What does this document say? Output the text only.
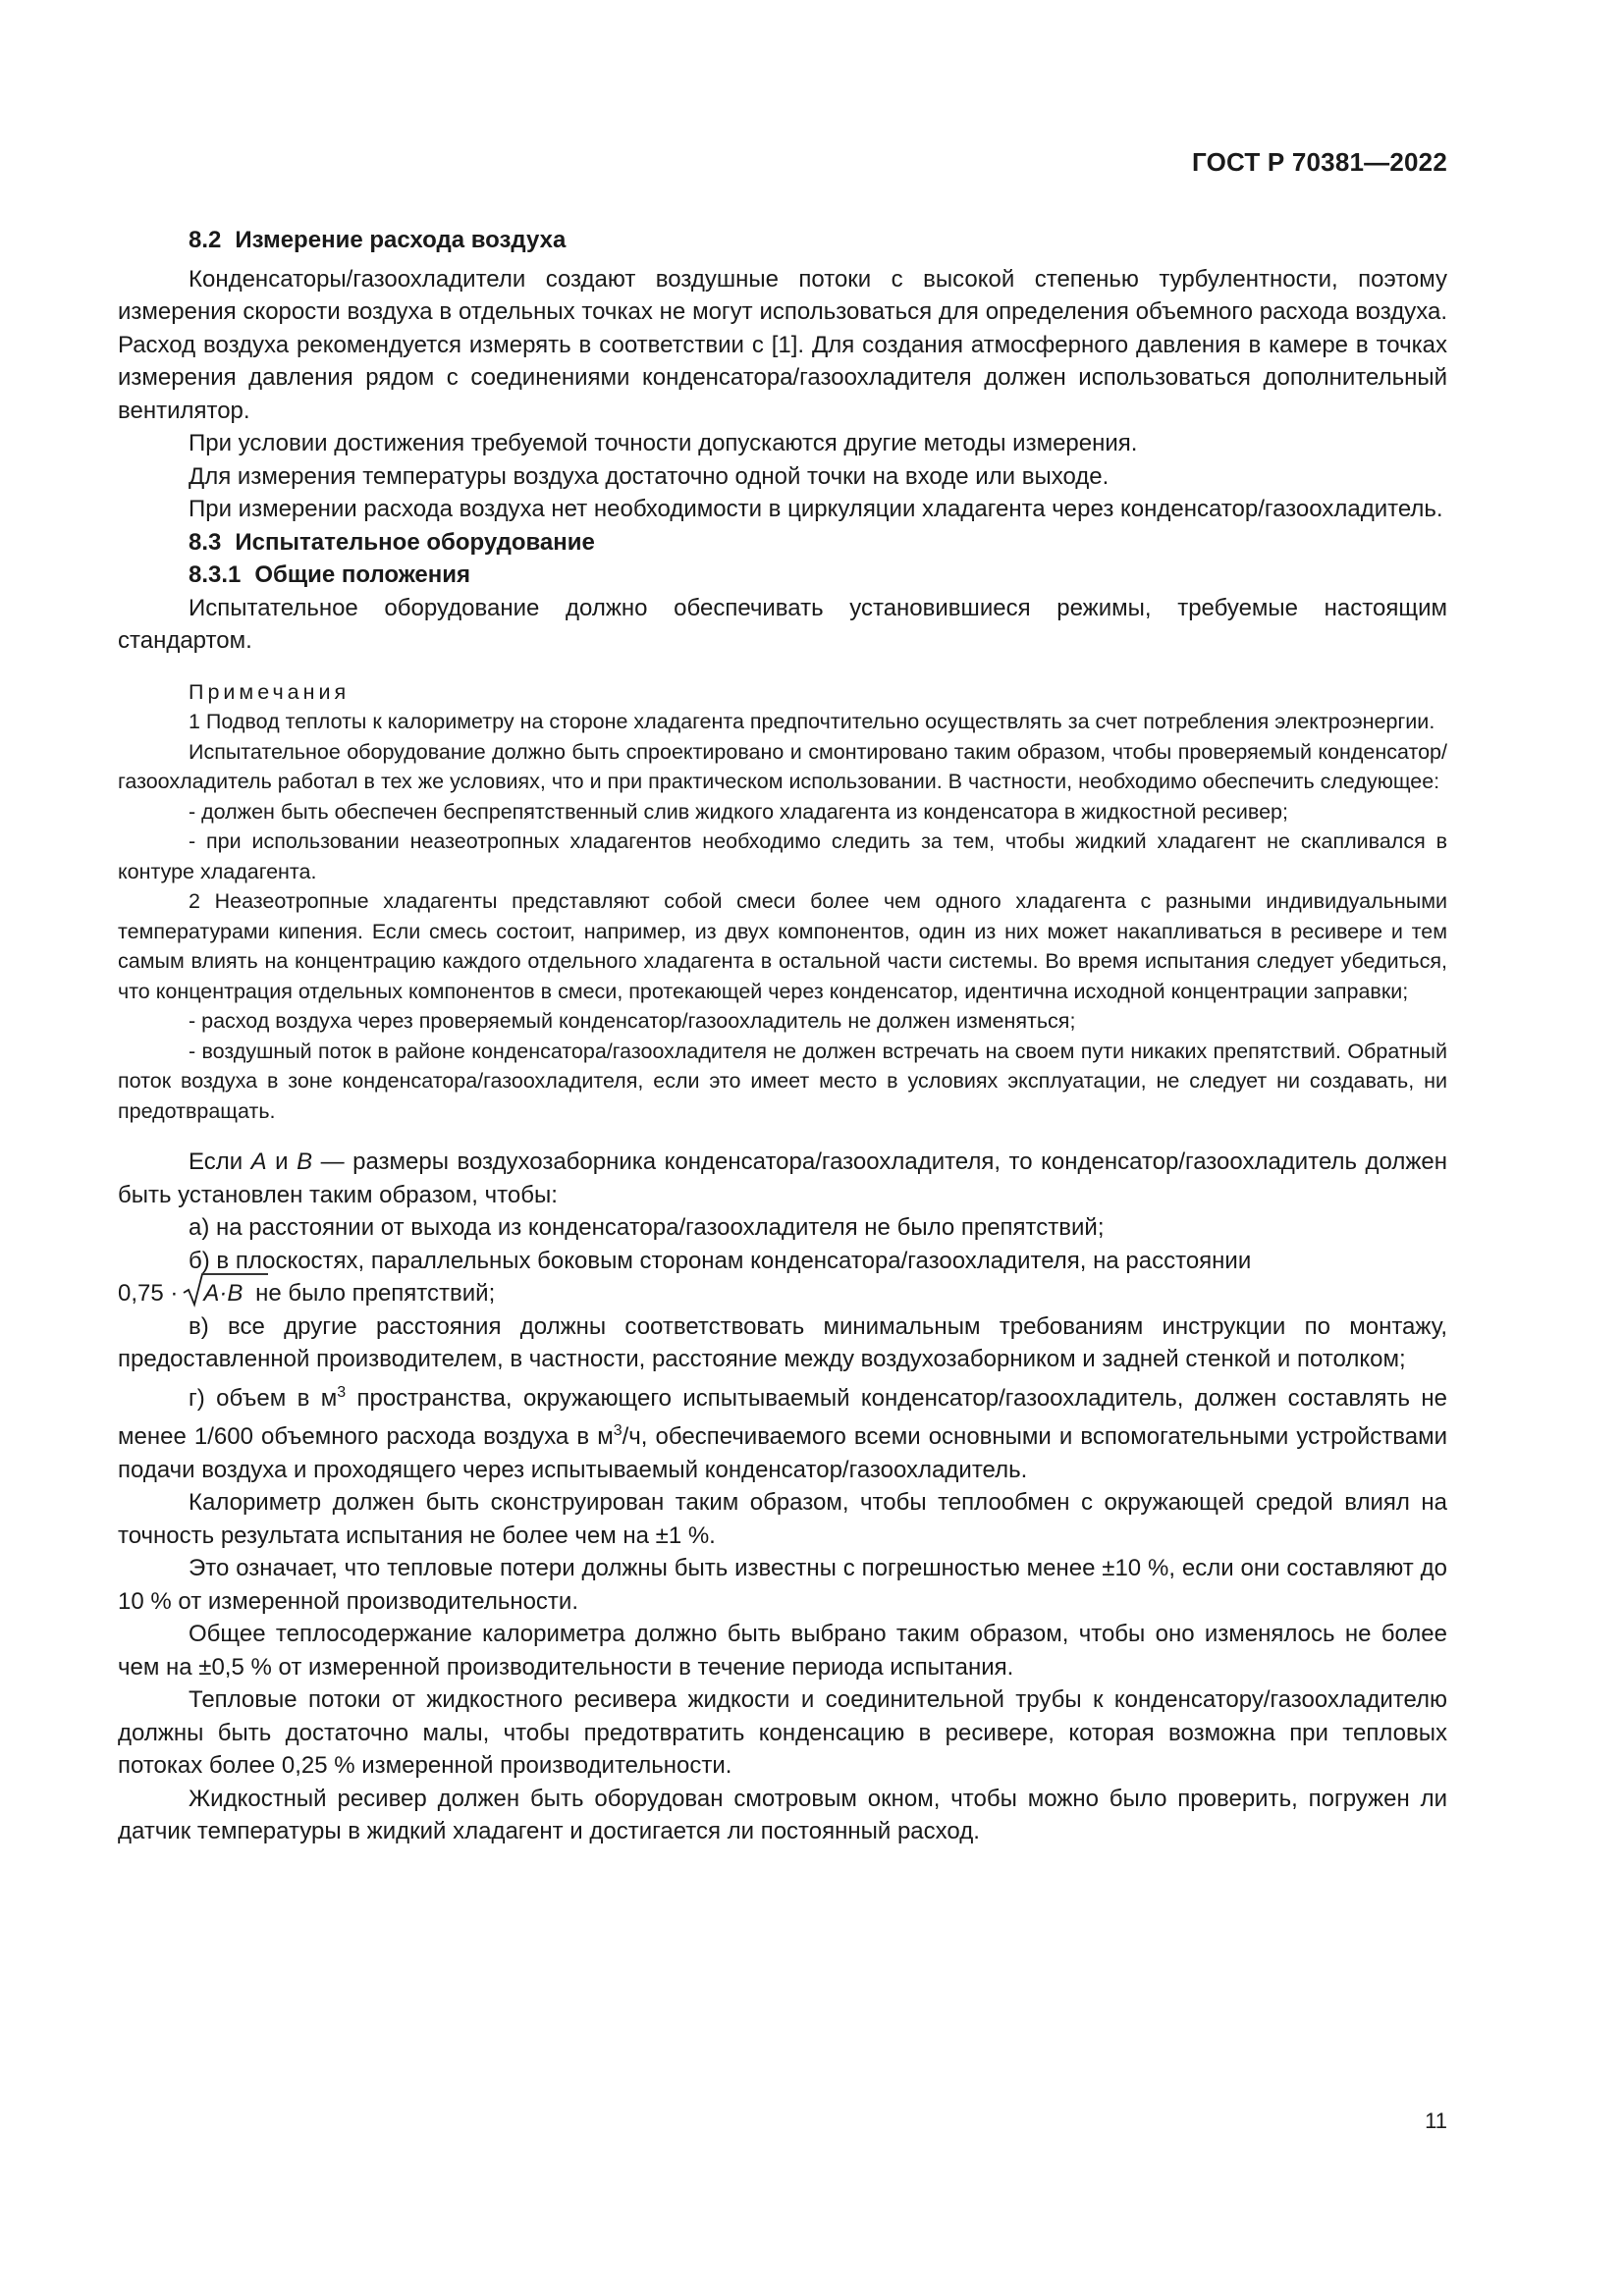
ГОСТ Р 70381—2022

8.2 Измерение расхода воздуха

Конденсаторы/газоохладители создают воздушные потоки с высокой степенью турбулентности, поэтому измерения скорости воздуха в отдельных точках не могут использоваться для определения объемного расхода воздуха. Расход воздуха рекомендуется измерять в соответствии с [1]. Для создания атмосферного давления в камере в точках измерения давления рядом с соединениями конденсатора/газоохладителя должен использоваться дополнительный вентилятор.

При условии достижения требуемой точности допускаются другие методы измерения.

Для измерения температуры воздуха достаточно одной точки на входе или выходе.

При измерении расхода воздуха нет необходимости в циркуляции хладагента через конденсатор/газоохладитель.

8.3 Испытательное оборудование

8.3.1 Общие положения

Испытательное оборудование должно обеспечивать установившиеся режимы, требуемые настоящим стандартом.

Примечания

1 Подвод теплоты к калориметру на стороне хладагента предпочтительно осуществлять за счет потребления электроэнергии.

Испытательное оборудование должно быть спроектировано и смонтировано таким образом, чтобы проверяемый конденсатор/газоохладитель работал в тех же условиях, что и при практическом использовании. В частности, необходимо обеспечить следующее:

- должен быть обеспечен беспрепятственный слив жидкого хладагента из конденсатора в жидкостной ресивер;

- при использовании неазеотропных хладагентов необходимо следить за тем, чтобы жидкий хладагент не скапливался в контуре хладагента.

2 Неазеотропные хладагенты представляют собой смеси более чем одного хладагента с разными индивидуальными температурами кипения. Если смесь состоит, например, из двух компонентов, один из них может накапливаться в ресивере и тем самым влиять на концентрацию каждого отдельного хладагента в остальной части системы. Во время испытания следует убедиться, что концентрация отдельных компонентов в смеси, протекающей через конденсатор, идентична исходной концентрации заправки;

- расход воздуха через проверяемый конденсатор/газоохладитель не должен изменяться;

- воздушный поток в районе конденсатора/газоохладителя не должен встречать на своем пути никаких препятствий. Обратный поток воздуха в зоне конденсатора/газоохладителя, если это имеет место в условиях эксплуатации, не следует ни создавать, ни предотвращать.

Если A и B — размеры воздухозаборника конденсатора/газоохладителя, то конденсатор/газоохладитель должен быть установлен таким образом, чтобы:

а) на расстоянии от выхода из конденсатора/газоохладителя не было препятствий;

б) в плоскостях, параллельных боковым сторонам конденсатора/газоохладителя, на расстоянии

0,75 · A·B не было препятствий;

в) все другие расстояния должны соответствовать минимальным требованиям инструкции по монтажу, предоставленной производителем, в частности, расстояние между воздухозаборником и задней стенкой и потолком;

г) объем в $м^3$ пространства, окружающего испытываемый конденсатор/газоохладитель, должен составлять не менее 1/600 объемного расхода воздуха в $м^3/ч$, обеспечиваемого всеми основными и вспомогательными устройствами подачи воздуха и проходящего через испытываемый конденсатор/газоохладитель.

Калориметр должен быть сконструирован таким образом, чтобы теплообмен с окружающей средой влиял на точность результата испытания не более чем на ±1 %.

Это означает, что тепловые потери должны быть известны с погрешностью менее ±10 %, если они составляют до 10 % от измеренной производительности.

Общее теплосодержание калориметра должно быть выбрано таким образом, чтобы оно изменялось не более чем на ±0,5 % от измеренной производительности в течение периода испытания.

Тепловые потоки от жидкостного ресивера жидкости и соединительной трубы к конденсатору/газоохладителю должны быть достаточно малы, чтобы предотвратить конденсацию в ресивере, которая возможна при тепловых потоках более 0,25 % измеренной производительности.

Жидкостный ресивер должен быть оборудован смотровым окном, чтобы можно было проверить, погружен ли датчик температуры в жидкий хладагент и достигается ли постоянный расход.

11
